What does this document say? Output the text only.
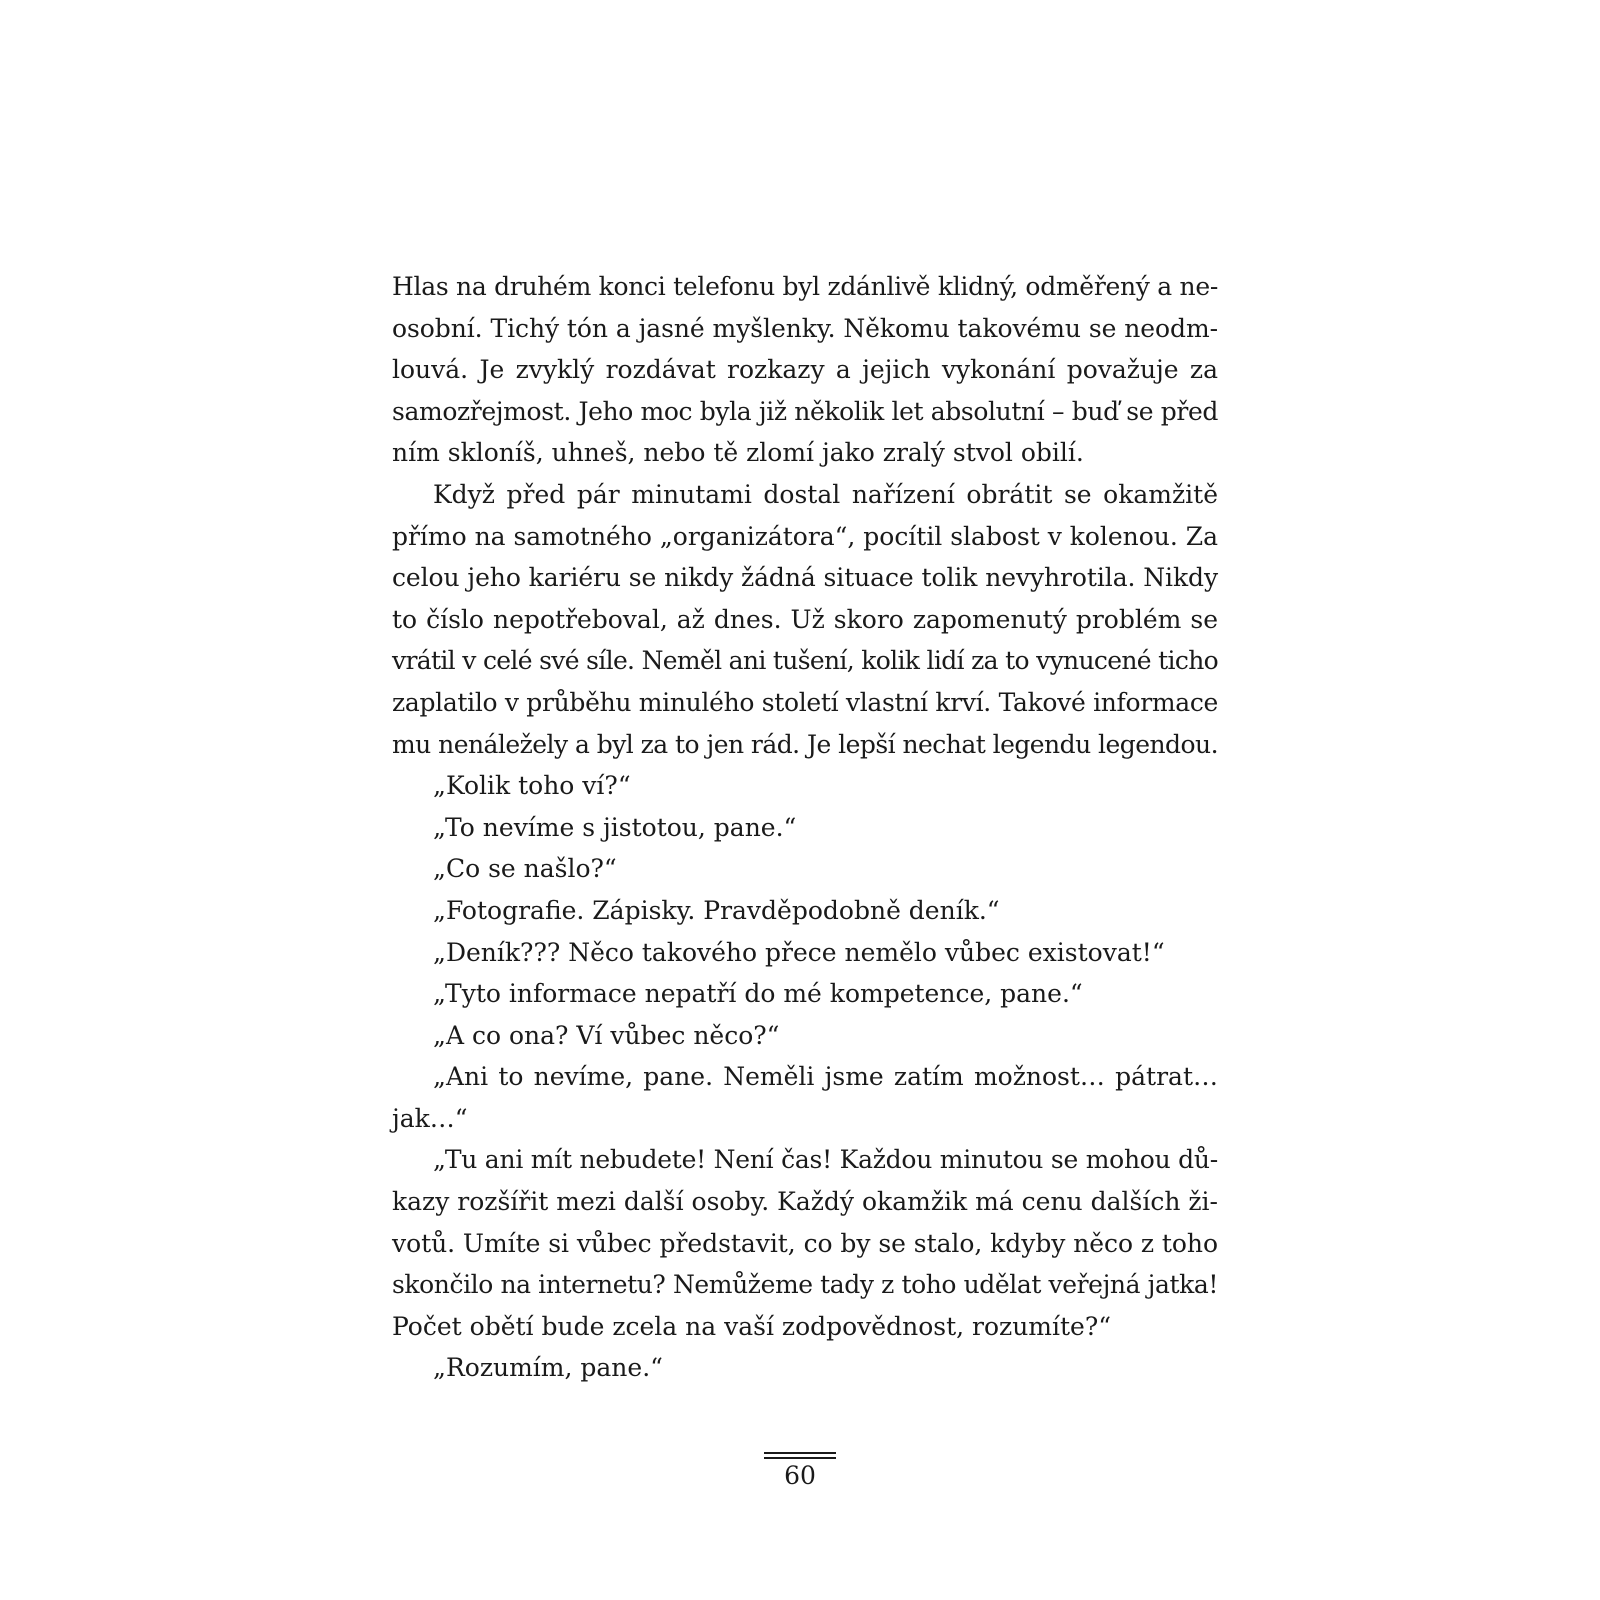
Hlas na druhém konci telefonu byl zdánlivě klidný, odměřený a ne-
osobní. Tichý tón a jasné myšlenky. Někomu takovému se neodm-
louvá. Je zvyklý rozdávat rozkazy a jejich vykonání považuje za
samozřejmost. Jeho moc byla již několik let absolutní – buď se před
ním skloníš, uhneš, nebo tě zlomí jako zralý stvol obilí.
Když před pár minutami dostal nařízení obrátit se okamžitě
přímo na samotného „organizátora“, pocítil slabost v kolenou. Za
celou jeho kariéru se nikdy žádná situace tolik nevyhrotila. Nikdy
to číslo nepotřeboval, až dnes. Už skoro zapomenutý problém se
vrátil v celé své síle. Neměl ani tušení, kolik lidí za to vynucené ticho
zaplatilo v průběhu minulého století vlastní krví. Takové informace
mu nenáležely a byl za to jen rád. Je lepší nechat legendu legendou.
„Kolik toho ví?“
„To nevíme s jistotou, pane.“
„Co se našlo?“
„Fotografie. Zápisky. Pravděpodobně deník.“
„Deník??? Něco takového přece nemělo vůbec existovat!“
„Tyto informace nepatří do mé kompetence, pane.“
„A co ona? Ví vůbec něco?“
„Ani to nevíme, pane. Neměli jsme zatím možnost… pátrat…
jak…“
„Tu ani mít nebudete! Není čas! Každou minutou se mohou dů-
kazy rozšířit mezi další osoby. Každý okamžik má cenu dalších ži-
votů. Umíte si vůbec představit, co by se stalo, kdyby něco z toho
skončilo na internetu? Nemůžeme tady z toho udělat veřejná jatka!
Počet obětí bude zcela na vaší zodpovědnost, rozumíte?“
„Rozumím, pane.“
60
